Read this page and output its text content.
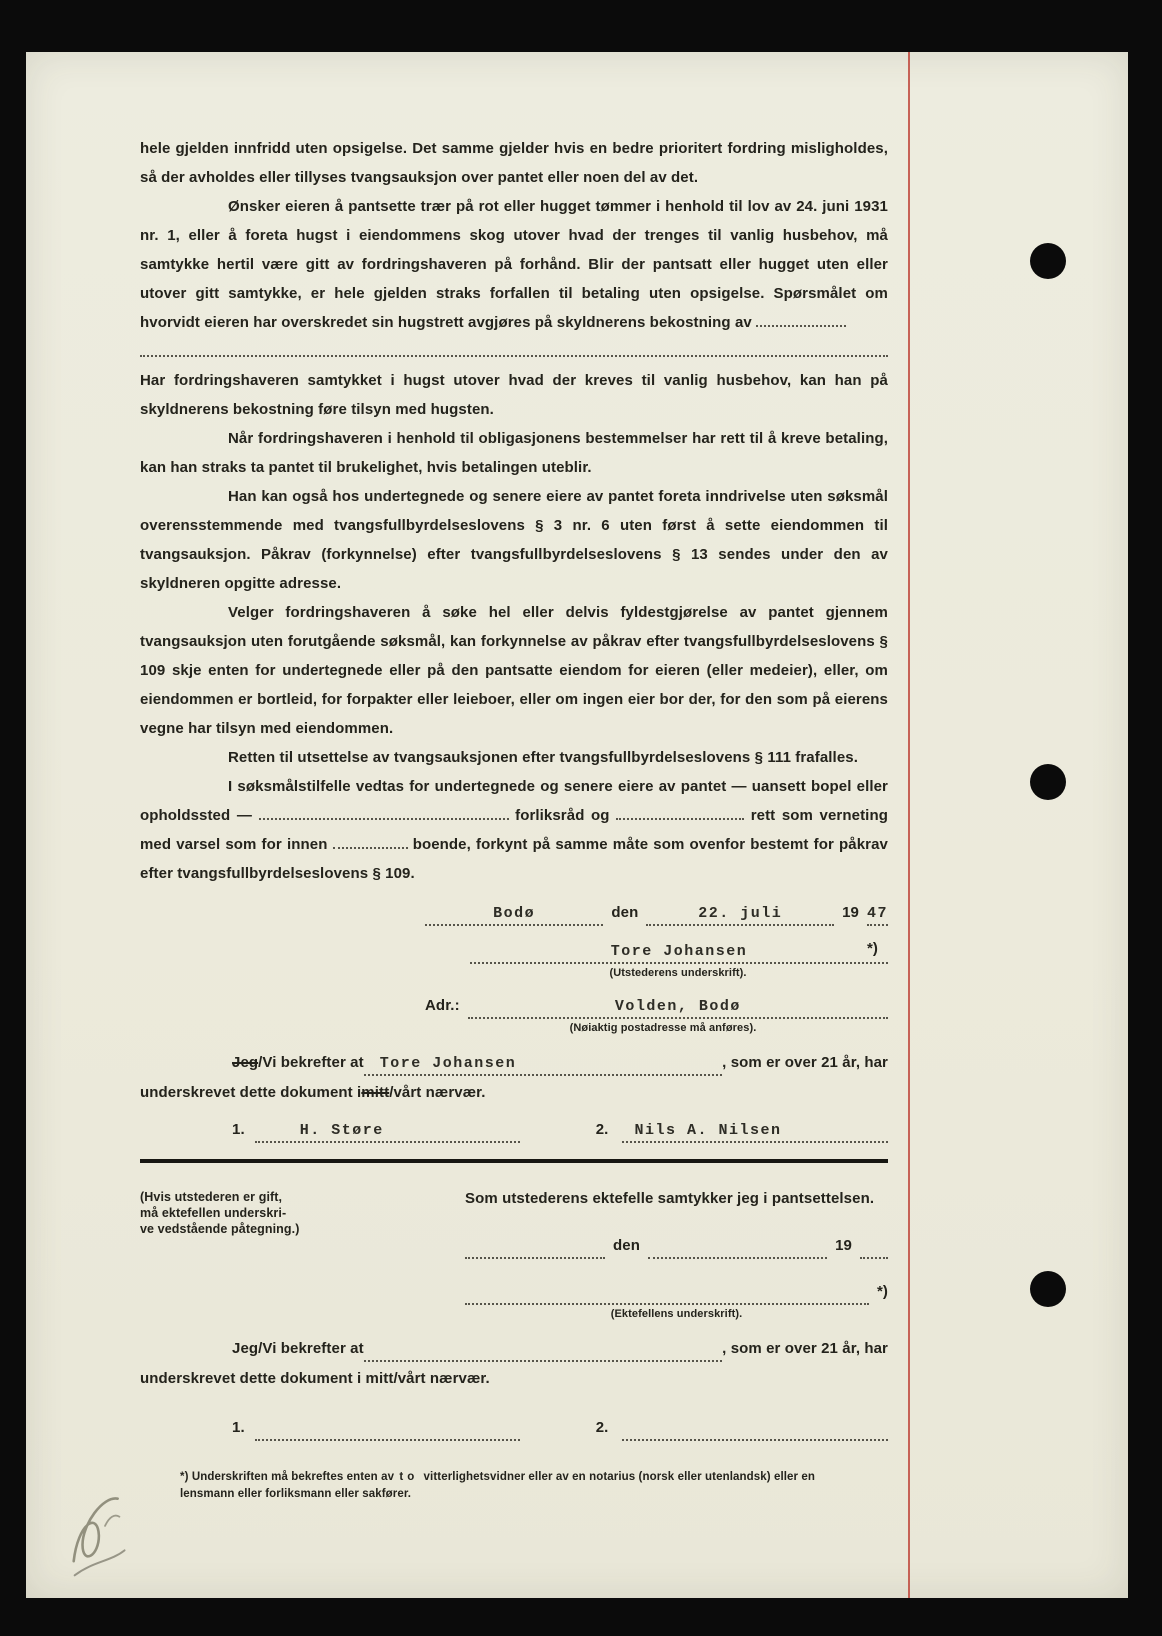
hele gjelden innfridd uten opsigelse. Det samme gjelder hvis en bedre prioritert fordring misligholdes, så der avholdes eller tillyses tvangsauksjon over pantet eller noen del av det.

Ønsker eieren å pantsette trær på rot eller hugget tømmer i henhold til lov av 24. juni 1931 nr. 1, eller å foreta hugst i eiendommens skog utover hvad der trenges til vanlig husbehov, må samtykke hertil være gitt av fordringshaveren på forhånd. Blir der pantsatt eller hugget uten eller utover gitt samtykke, er hele gjelden straks forfallen til betaling uten opsigelse. Spørsmålet om hvorvidt eieren har overskredet sin hugstrett avgjøres på skyldnerens bekostning av

Har fordringshaveren samtykket i hugst utover hvad der kreves til vanlig husbehov, kan han på skyldnerens bekostning føre tilsyn med hugsten.

Når fordringshaveren i henhold til obligasjonens bestemmelser har rett til å kreve betaling, kan han straks ta pantet til brukelighet, hvis betalingen uteblir.

Han kan også hos undertegnede og senere eiere av pantet foreta inndrivelse uten søksmål overensstemmende med tvangsfullbyrdelseslovens § 3 nr. 6 uten først å sette eiendommen til tvangsauksjon. Påkrav (forkynnelse) efter tvangsfullbyrdelseslovens § 13 sendes under den av skyldneren opgitte adresse.

Velger fordringshaveren å søke hel eller delvis fyldestgjørelse av pantet gjennem tvangsauksjon uten forutgående søksmål, kan forkynnelse av påkrav efter tvangsfullbyrdelseslovens § 109 skje enten for undertegnede eller på den pantsatte eiendom for eieren (eller medeier), eller, om eiendommen er bortleid, for forpakter eller leieboer, eller om ingen eier bor der, for den som på eierens vegne har tilsyn med eiendommen.

Retten til utsettelse av tvangsauksjonen efter tvangsfullbyrdelseslovens § 111 frafalles.

I søksmålstilfelle vedtas for undertegnede og senere eiere av pantet — uansett bopel eller opholdssted —	forliksråd og	rett som verneting med varsel som for innen	boende, forkynt på samme måte som ovenfor bestemt for påkrav efter tvangsfullbyrdelseslovens § 109.

Bodø	den	22. juli	19 47
Tore Johansen	*)
(Utstederens underskrift).
Adr.:	Volden, Bodø
(Nøiaktig postadresse må anføres).
Jeg/Vi bekrefter at	Tore Johansen	, som er over 21 år, har

underskrevet dette dokument imitt/vårt nærvær.

1.	H. Støre	2.	Nils A. Nilsen
(Hvis utstederen er gift,
må ektefellen underskri-
ve vedstående påtegning.)
Som utstederens ektefelle samtykker jeg i pantsettelsen.
den	19
*)
(Ektefellens underskrift).
Jeg/Vi bekrefter at	, som er over 21 år, har

underskrevet dette dokument i mitt/vårt nærvær.

1.	2.

*) Underskriften må bekreftes enten av to vitterlighetsvidner eller av en notarius (norsk eller utenlandsk) eller en lensmann eller forliksmann eller sakfører.
